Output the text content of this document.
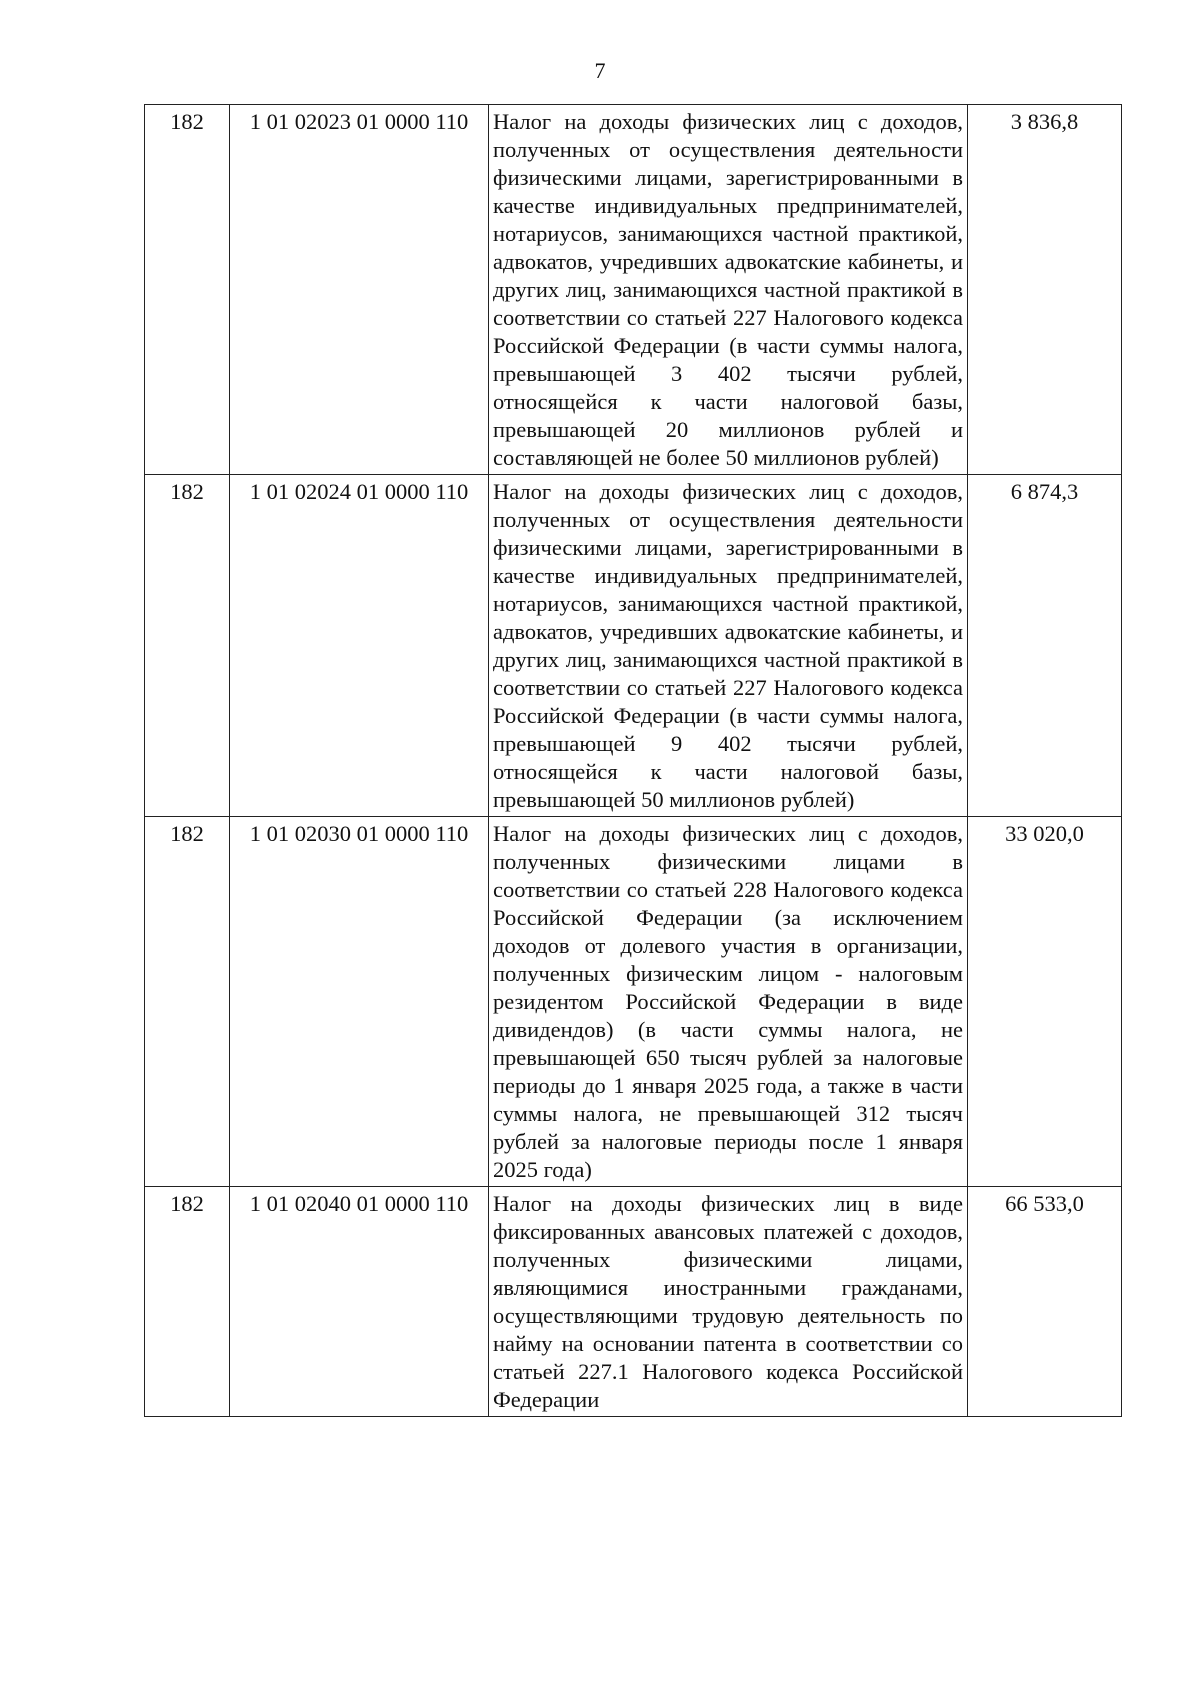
7
182	1 01 02023 01 0000 110	Налог на доходы физических лиц с доходов, полученных от осуществления деятельности физическими лицами, зарегистрированными в качестве индивидуальных предпринимателей, нотариусов, занимающихся частной практикой, адвокатов, учредивших адвокатские кабинеты, и других лиц, занимающихся частной практикой в соответствии со статьей 227 Налогового кодекса Российской Федерации (в части суммы налога, превышающей 3 402 тысячи рублей, относящейся к части налоговой базы, превышающей 20 миллионов рублей и составляющей не более 50 миллионов рублей)	3 836,8
182	1 01 02024 01 0000 110	Налог на доходы физических лиц с доходов, полученных от осуществления деятельности физическими лицами, зарегистрированными в качестве индивидуальных предпринимателей, нотариусов, занимающихся частной практикой, адвокатов, учредивших адвокатские кабинеты, и других лиц, занимающихся частной практикой в соответствии со статьей 227 Налогового кодекса Российской Федерации (в части суммы налога, превышающей 9 402 тысячи рублей, относящейся к части налоговой базы, превышающей 50 миллионов рублей)	6 874,3
182	1 01 02030 01 0000 110	Налог на доходы физических лиц с доходов, полученных физическими лицами в соответствии со статьей 228 Налогового кодекса Российской Федерации (за исключением доходов от долевого участия в организации, полученных физическим лицом - налоговым резидентом Российской Федерации в виде дивидендов) (в части суммы налога, не превышающей 650 тысяч рублей за налоговые периоды до 1 января 2025 года, а также в части суммы налога, не превышающей 312 тысяч рублей за налоговые периоды после 1 января 2025 года)	33 020,0
182	1 01 02040 01 0000 110	Налог на доходы физических лиц в виде фиксированных авансовых платежей с доходов, полученных физическими лицами, являющимися иностранными гражданами, осуществляющими трудовую деятельность по найму на основании патента в соответствии со статьей 227.1 Налогового кодекса Российской Федерации	66 533,0
